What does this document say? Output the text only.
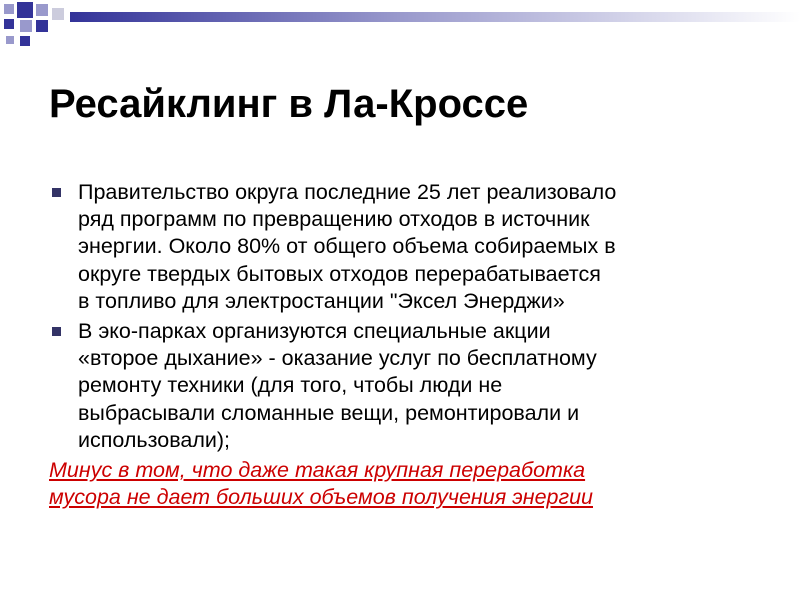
Ресайклинг в Ла-Кроссе
Правительство округа последние 25 лет реализовало
ряд программ по превращению отходов в источник
энергии. Около 80% от общего объема собираемых в
округе твердых бытовых отходов перерабатывается
в топливо для электростанции "Эксел Энерджи»
В эко-парках организуются специальные акции
«второе дыхание» - оказание услуг по бесплатному
ремонту техники (для того, чтобы люди не
выбрасывали сломанные вещи, ремонтировали и
использовали);
Минус в том, что даже такая крупная переработка
мусора не дает больших объемов получения энергии
